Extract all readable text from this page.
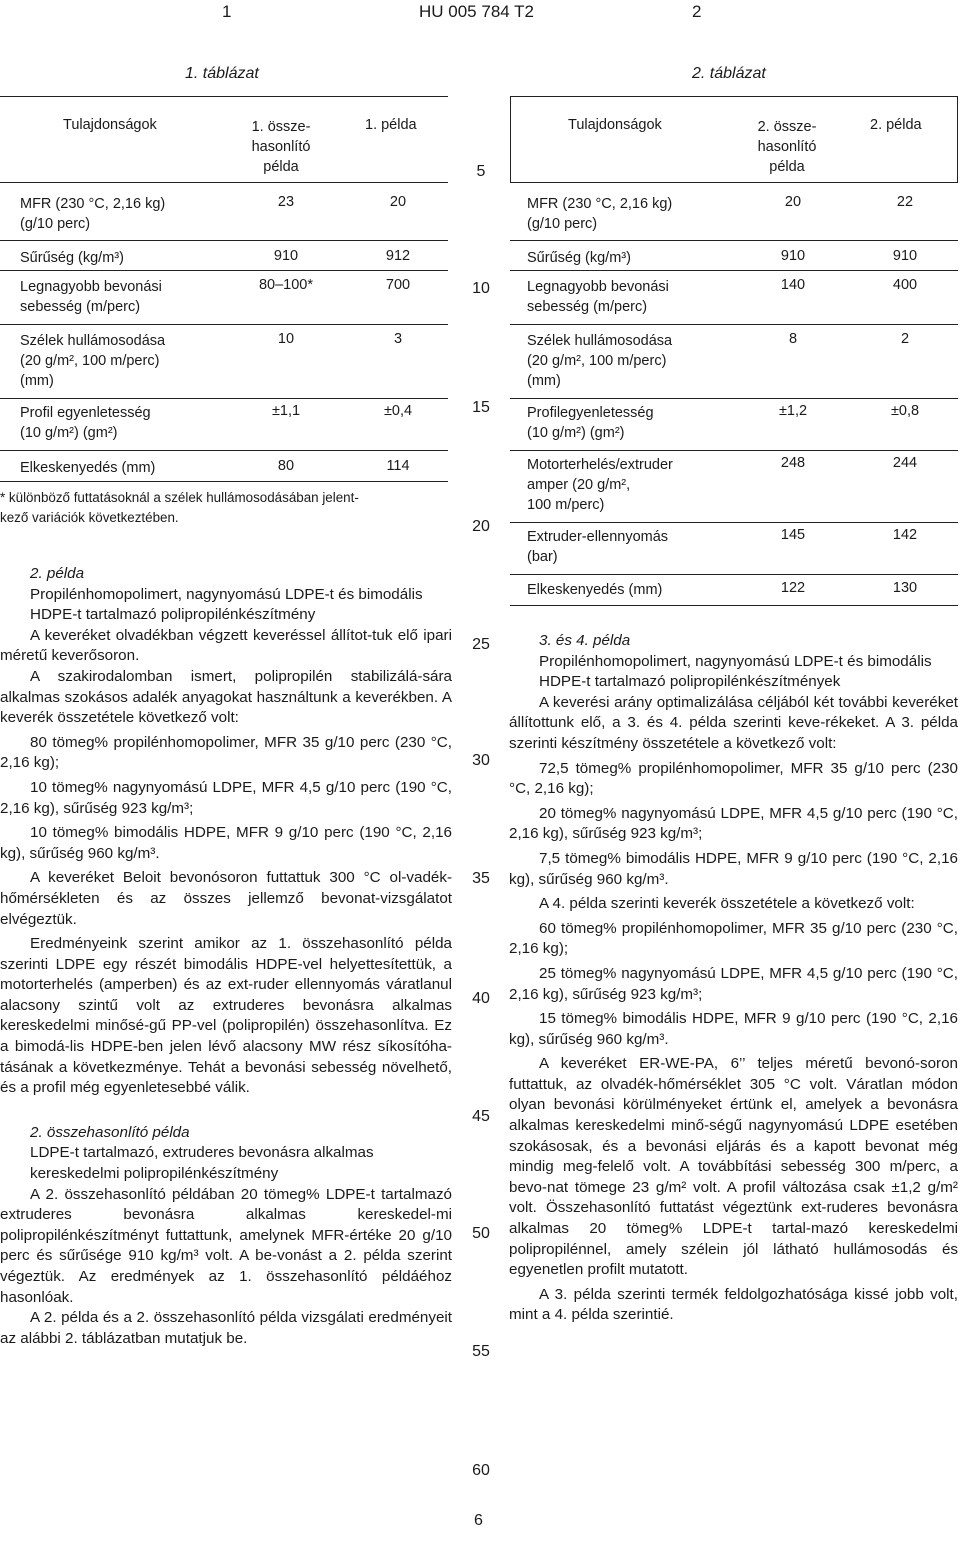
1	HU 005 784 T2	2
1. táblázat	2. táblázat
Tulajdonságok	1. össze-
hasonlító
példa
1. példa
MFR (230 °C, 2,16 kg)
(g/10 perc)
23	20
Sűrűség (kg/m³)	910	912
Legnagyobb bevonási
sebesség (m/perc)
80–100*	700
Szélek hullámosodása
(20 g/m², 100 m/perc)
(mm)
10	3
Profil egyenletesség
(10 g/m²) (gm²)
±1,1	±0,4
Elkeskenyedés (mm)	80	114
* különböző futtatásoknál a szélek hullámosodásában jelent-
kező variációk következtében.
Tulajdonságok	2. össze-
hasonlító
példa
2. példa
MFR (230 °C, 2,16 kg)
(g/10 perc)
20	22
Sűrűség (kg/m³)	910	910
Legnagyobb bevonási
sebesség (m/perc)
140	400
Szélek hullámosodása
(20 g/m², 100 m/perc)
(mm)
8	2
Profilegyenletesség
(10 g/m²) (gm²)
±1,2	±0,8
Motorterhelés/extruder
amper (20 g/m²,
100 m/perc)
248	244
Extruder-ellennyomás
(bar)
145	142
Elkeskenyedés (mm)	122	130
5
10
15
20
25
30
35
40
45
50
55
60

2. példa

Propilénhomopolimert, nagynyomású LDPE-t és bimodális HDPE-t tartalmazó polipropilénkészítmény

A keveréket olvadékban végzett keveréssel állítot-tuk elő ipari méretű keverősoron.

A szakirodalomban ismert, polipropilén stabilizálá-sára alkalmas szokásos adalék anyagokat használtunk a keverékben. A keverék összetétele következő volt:

80 tömeg% propilénhomopolimer, MFR 35 g/10 perc (230 °C, 2,16 kg);

10 tömeg% nagynyomású LDPE, MFR 4,5 g/10 perc (190 °C, 2,16 kg), sűrűség 923 kg/m³;

10 tömeg% bimodális HDPE, MFR 9 g/10 perc (190 °C, 2,16 kg), sűrűség 960 kg/m³.

A keveréket Beloit bevonósoron futtattuk 300 °C ol-vadék-hőmérsékleten és az összes jellemző bevonat-vizsgálatot elvégeztük.

Eredményeink szerint amikor az 1. összehasonlító példa szerinti LDPE egy részét bimodális HDPE-vel helyettesítettük, a motorterhelés (amperben) és az ext-ruder ellennyomás váratlanul alacsony szintű volt az extruderes bevonásra alkalmas kereskedelmi minősé-gű PP-vel (polipropilén) összehasonlítva. Ez a bimodá-lis HDPE-ben jelen lévő alacsony MW rész síkosítóha-tásának a következménye. Tehát a bevonási sebesség növelhető, és a profil még egyenletesebbé válik.

2. összehasonlító példa

LDPE-t tartalmazó, extruderes bevonásra alkalmas kereskedelmi polipropilénkészítmény

A 2. összehasonlító példában 20 tömeg% LDPE-t tartalmazó extruderes bevonásra alkalmas kereskedel-mi polipropilénkészítményt futtattunk, amelynek MFR-értéke 20 g/10 perc és sűrűsége 910 kg/m³ volt. A be-vonást a 2. példa szerint végeztük. Az eredmények az 1. összehasonlító példáéhoz hasonlóak.

A 2. példa és a 2. összehasonlító példa vizsgálati eredményeit az alábbi 2. táblázatban mutatjuk be.

3. és 4. példa

Propilénhomopolimert, nagynyomású LDPE-t és bimodális HDPE-t tartalmazó polipropilénkészítmények

A keverési arány optimalizálása céljából két további keveréket állítottunk elő, a 3. és 4. példa szerinti keve-rékeket. A 3. példa szerinti készítmény összetétele a következő volt:

72,5 tömeg% propilénhomopolimer, MFR 35 g/10 perc (230 °C, 2,16 kg);

20 tömeg% nagynyomású LDPE, MFR 4,5 g/10 perc (190 °C, 2,16 kg), sűrűség 923 kg/m³;

7,5 tömeg% bimodális HDPE, MFR 9 g/10 perc (190 °C, 2,16 kg), sűrűség 960 kg/m³.

A 4. példa szerinti keverék összetétele a következő volt:

60 tömeg% propilénhomopolimer, MFR 35 g/10 perc (230 °C, 2,16 kg);

25 tömeg% nagynyomású LDPE, MFR 4,5 g/10 perc (190 °C, 2,16 kg), sűrűség 923 kg/m³;

15 tömeg% bimodális HDPE, MFR 9 g/10 perc (190 °C, 2,16 kg), sűrűség 960 kg/m³.

A keveréket ER-WE-PA, 6’’ teljes méretű bevonó-soron futtattuk, az olvadék-hőmérséklet 305 °C volt. Váratlan módon olyan bevonási körülményeket értünk el, amelyek a bevonásra alkalmas kereskedelmi minő-ségű nagynyomású LDPE esetében szokásosak, és a bevonási eljárás és a kapott bevonat még mindig meg-felelő volt. A továbbítási sebesség 300 m/perc, a bevo-nat tömege 23 g/m² volt. A profil változása csak ±1,2 g/m² volt. Összehasonlító futtatást végeztünk ext-ruderes bevonásra alkalmas 20 tömeg% LDPE-t tartal-mazó kereskedelmi polipropilénnel, amely szélein jól látható hullámosodás és egyenetlen profilt mutatott.

A 3. példa szerinti termék feldolgozhatósága kissé jobb volt, mint a 4. példa szerintié.

6
